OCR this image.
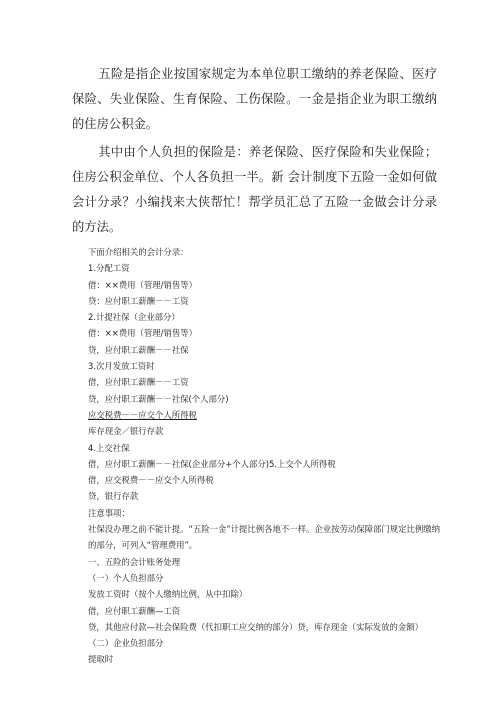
五险是指企业按国家规定为本单位职工缴纳的养老保险、医疗保险、失业保险、生育保险、工伤保险。一金是指企业为职工缴纳的住房公积金。

其中由个人负担的保险是：养老保险、医疗保险和失业保险；住房公积金单位、个人各负担一半。新 会计制度下五险一金如何做会计分录？小编找来大侠帮忙！帮学员汇总了五险一金做会计分录的方法。

下面介绍相关的会计分录：
1.分配工资
借：××费用（管理/销售等）
贷：应付职工薪酬－－工资
2.计提社保（企业部分）
借：××费用（管理/销售等）
贷，应付职工薪酬－－社保
3.次月发放工资时
借，应付职工薪酬－－工资
贷，应付职工薪酬－－社保(个人部分)
应交税费－－应交个人所得税
库存现金／银行存款
4.上交社保
借，应付职工薪酬－－社保(企业部分+个人部分)5.上交个人所得税
借，应交税费－－应交个人所得税
贷，银行存款
注意事项：
社保没办理之前不能计提。“五险一金”计提比例各地不一样。企业按劳动保障部门规定比例缴纳的部分，可列入“管理费用”。
一、五险的会计账务处理
（一）个人负担部分
发放工资时（按个人缴纳比例，从中扣除）
借，应付职工薪酬—工资
贷，其他应付款—社会保险费（代扣职工应交纳的部分）贷，库存现金（实际发放的金额）
（二）企业负担部分
提取时
